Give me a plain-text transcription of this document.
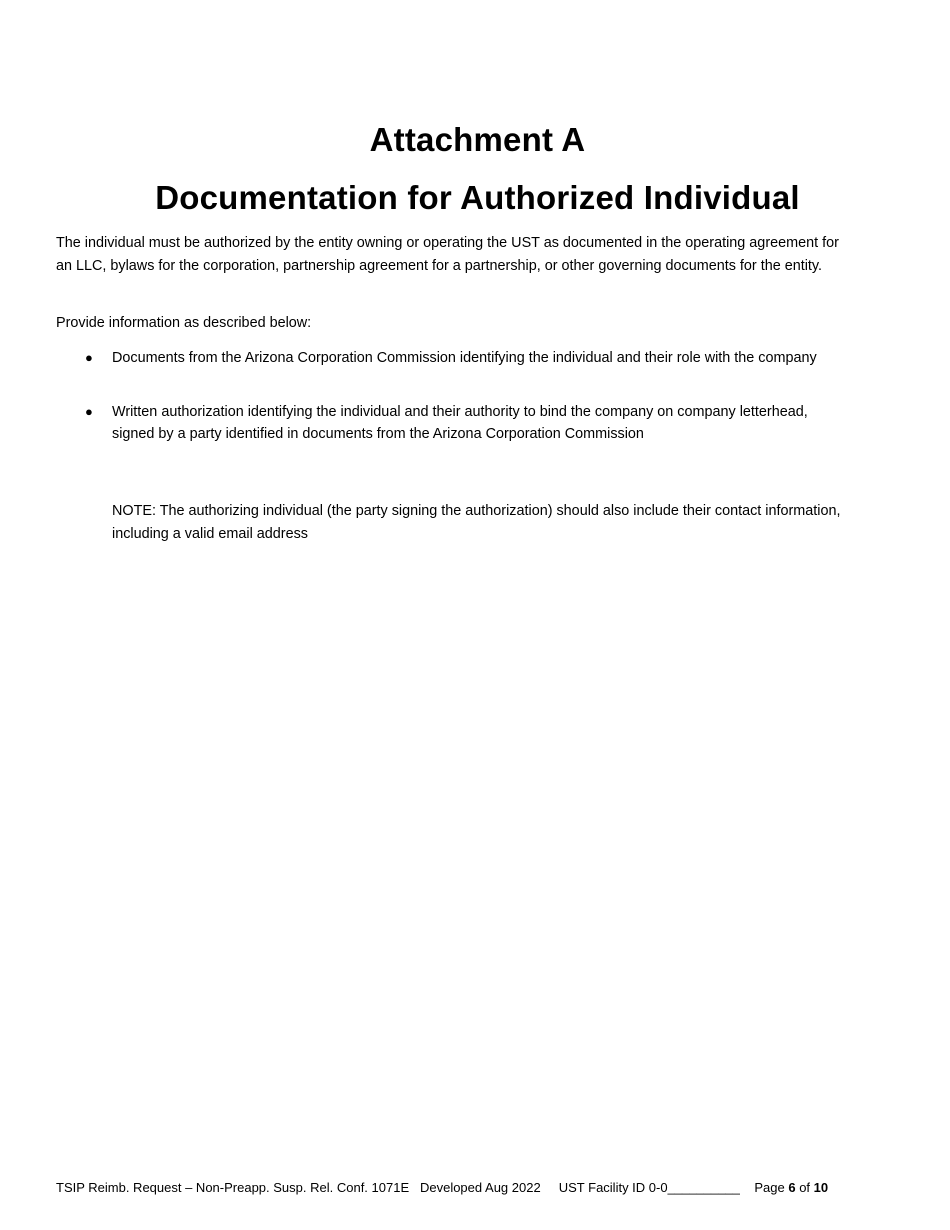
Attachment A
Documentation for Authorized Individual
The individual must be authorized by the entity owning or operating the UST as documented in the operating agreement for an LLC, bylaws for the corporation, partnership agreement for a partnership, or other governing documents for the entity.
Provide information as described below:
● Documents from the Arizona Corporation Commission identifying the individual and their role with the company
● Written authorization identifying the individual and their authority to bind the company on company letterhead, signed by a party identified in documents from the Arizona Corporation Commission
NOTE: The authorizing individual (the party signing the authorization) should also include their contact information, including a valid email address
TSIP Reimb. Request – Non-Preapp. Susp. Rel. Conf. 1071E Developed Aug 2022 UST Facility ID 0-0__________ Page 6 of 10
